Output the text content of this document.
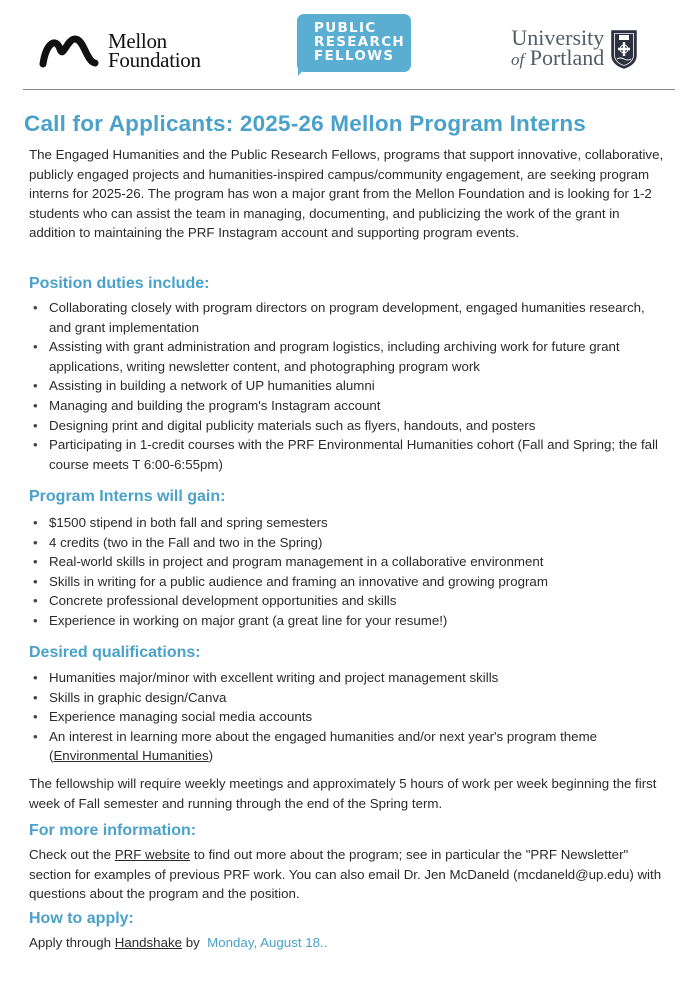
Mellon
Foundation
PUBLIC
RESEARCH
FELLOWS
University
of Portland
Call for Applicants: 2025-26 Mellon Program Interns
The Engaged Humanities and the Public Research Fellows, programs that support innovative, collaborative, publicly engaged projects and humanities-inspired campus/community engagement, are seeking program interns for 2025-26. The program has won a major grant from the Mellon Foundation and is looking for 1-2 students who can assist the team in managing, documenting, and publicizing the work of the grant in addition to maintaining the PRF Instagram account and supporting program events.
Position duties include:
• Collaborating closely with program directors on program development, engaged humanities research, and grant implementation
• Assisting with grant administration and program logistics, including archiving work for future grant applications, writing newsletter content, and photographing program work
• Assisting in building a network of UP humanities alumni
• Managing and building the program's Instagram account
• Designing print and digital publicity materials such as flyers, handouts, and posters
• Participating in 1-credit courses with the PRF Environmental Humanities cohort (Fall and Spring; the fall course meets T 6:00-6:55pm)
Program Interns will gain:
• $1500 stipend in both fall and spring semesters
• 4 credits (two in the Fall and two in the Spring)
• Real-world skills in project and program management in a collaborative environment
• Skills in writing for a public audience and framing an innovative and growing program
• Concrete professional development opportunities and skills
• Experience in working on major grant (a great line for your resume!)
Desired qualifications:
• Humanities major/minor with excellent writing and project management skills
• Skills in graphic design/Canva
• Experience managing social media accounts
• An interest in learning more about the engaged humanities and/or next year's program theme (Environmental Humanities)
The fellowship will require weekly meetings and approximately 5 hours of work per week beginning the first week of Fall semester and running through the end of the Spring term.
For more information:
Check out the PRF website to find out more about the program; see in particular the "PRF Newsletter" section for examples of previous PRF work. You can also email Dr. Jen McDaneld (mcdaneld@up.edu) with questions about the program and the position.
How to apply:
Apply through Handshake by  Monday, August 18..
